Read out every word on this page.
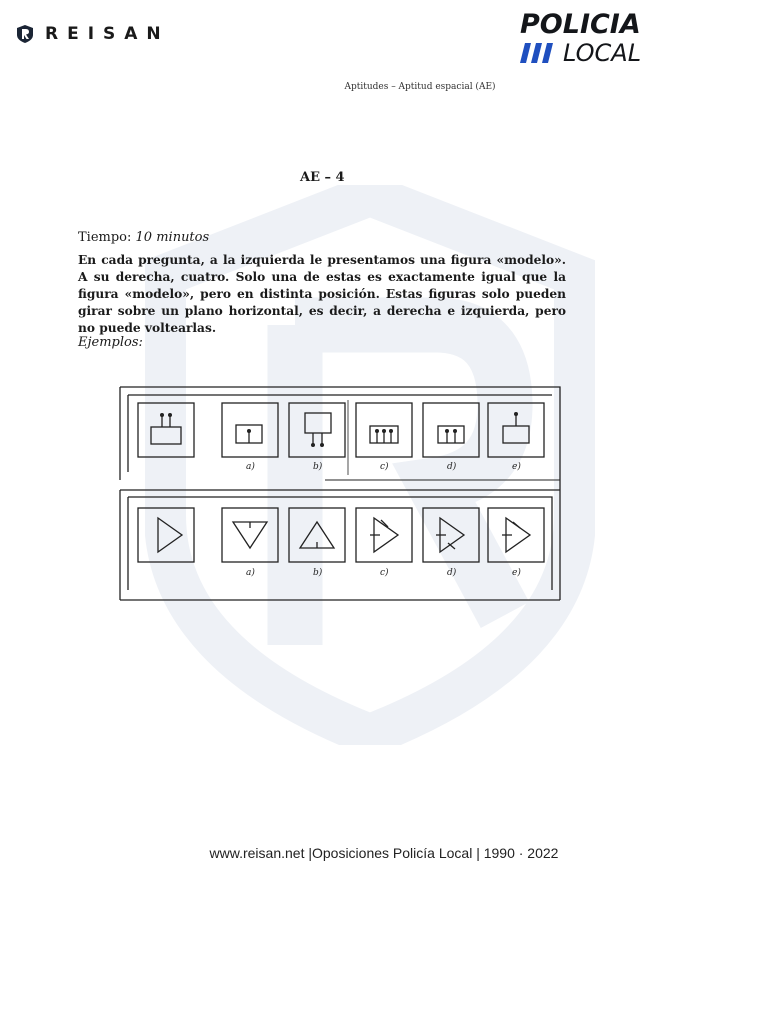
REISAN	POLICIA
LOCAL
Aptitudes – Aptitud espacial (AE)
AE – 4
Tiempo: 10 minutos
En cada pregunta, a la izquierda le presentamos una figura «modelo». A su derecha, cuatro. Solo una de estas es exactamente igual que la figura «modelo», pero en distinta posición. Estas figuras solo pueden girar sobre un plano horizontal, es decir, a derecha e izquierda, pero no puede voltearlas.
Ejemplos:
a)	b)	c)	d)	e)
a)	b)	c)	d)	e)
www.reisan.net |Oposiciones Policía Local | 1990 · 2022
